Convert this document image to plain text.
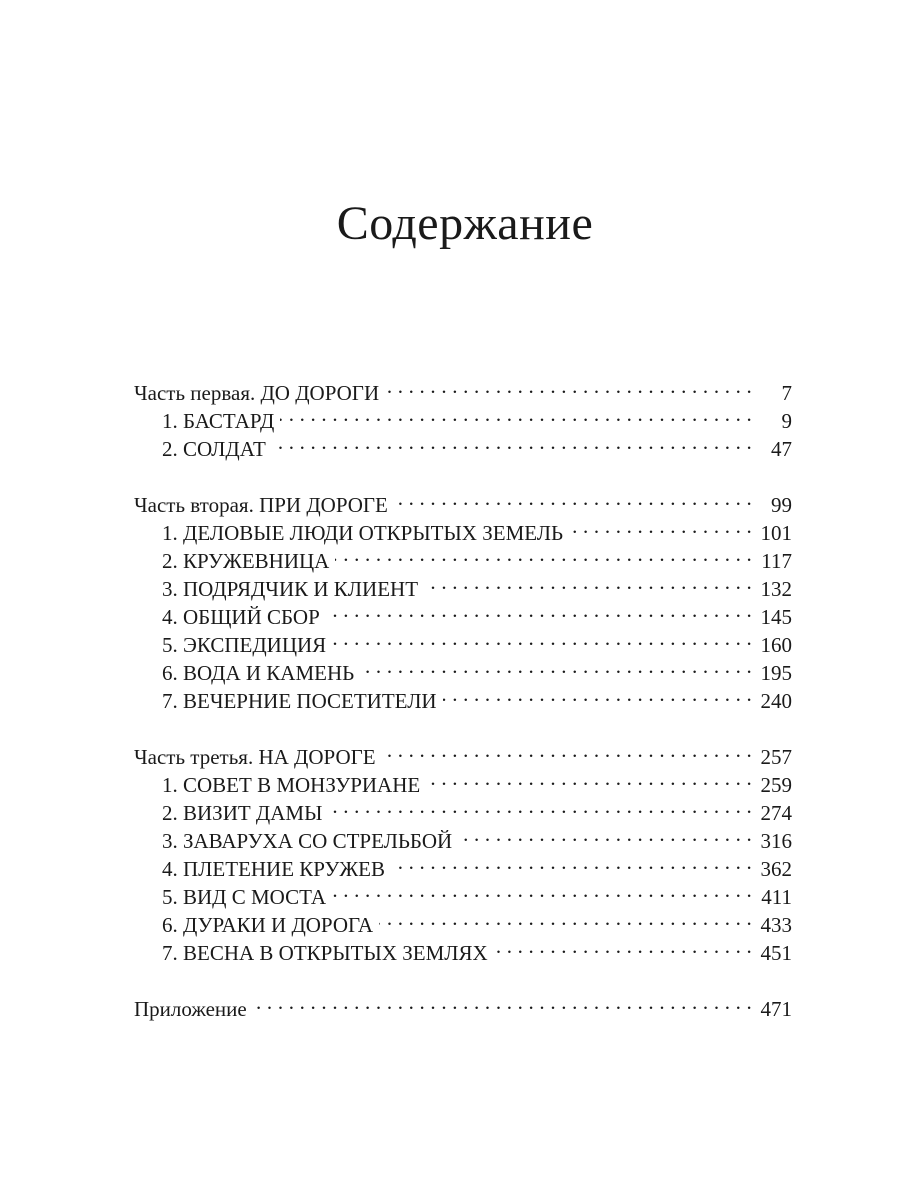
Содержание
Часть первая. ДО ДОРОГИ . . .	7
1. БАСТАРД . . .	9
2. СОЛДАТ . . .	47
Часть вторая. ПРИ ДОРОГЕ . . .	99
1. ДЕЛОВЫЕ ЛЮДИ ОТКРЫТЫХ ЗЕМЕЛЬ . . .	101
2. КРУЖЕВНИЦА . . .	117
3. ПОДРЯДЧИК И КЛИЕНТ . . .	132
4. ОБЩИЙ СБОР . . .	145
5. ЭКСПЕДИЦИЯ . . .	160
6. ВОДА И КАМЕНЬ . . .	195
7. ВЕЧЕРНИЕ ПОСЕТИТЕЛИ . . .	240
Часть третья. НА ДОРОГЕ . . .	257
1. СОВЕТ В МОНЗУРИАНЕ . . .	259
2. ВИЗИТ ДАМЫ . . .	274
3. ЗАВАРУХА СО СТРЕЛЬБОЙ . . .	316
4. ПЛЕТЕНИЕ КРУЖЕВ . . .	362
5. ВИД С МОСТА . . .	411
6. ДУРАКИ И ДОРОГА . . .	433
7. ВЕСНА В ОТКРЫТЫХ ЗЕМЛЯХ . . .	451
Приложение . . .	471
